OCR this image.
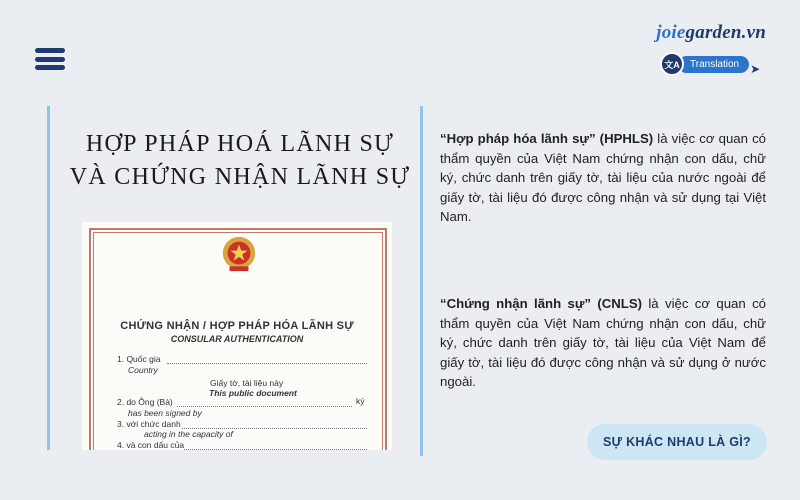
joiegarden.vn
文A	Translation ➤
HỢP PHÁP HOÁ LÃNH SỰ
VÀ CHỨNG NHẬN LÃNH SỰ
CHỨNG NHẬN / HỢP PHÁP HÓA LÃNH SỰ
CONSULAR AUTHENTICATION
1. Quốc gia
Country
Giấy tờ, tài liệu này
This public document
2. do Ông (Bà)	ký
has been signed by
3. với chức danh
acting in the capacity of
4. và con dấu của
“Hợp pháp hóa lãnh sự” (HPHLS) là việc cơ quan có thẩm quyền của Việt Nam chứng nhận con dấu, chữ ký, chức danh trên giấy tờ, tài liệu của nước ngoài để giấy tờ, tài liệu đó được công nhận và sử dụng tại Việt Nam.
“Chứng nhận lãnh sự” (CNLS) là việc cơ quan có thẩm quyền của Việt Nam chứng nhận con dấu, chữ ký, chức danh trên giấy tờ, tài liệu của Việt Nam để giấy tờ, tài liệu đó được công nhận và sử dụng ở nước ngoài.
SỰ KHÁC NHAU LÀ GÌ?
